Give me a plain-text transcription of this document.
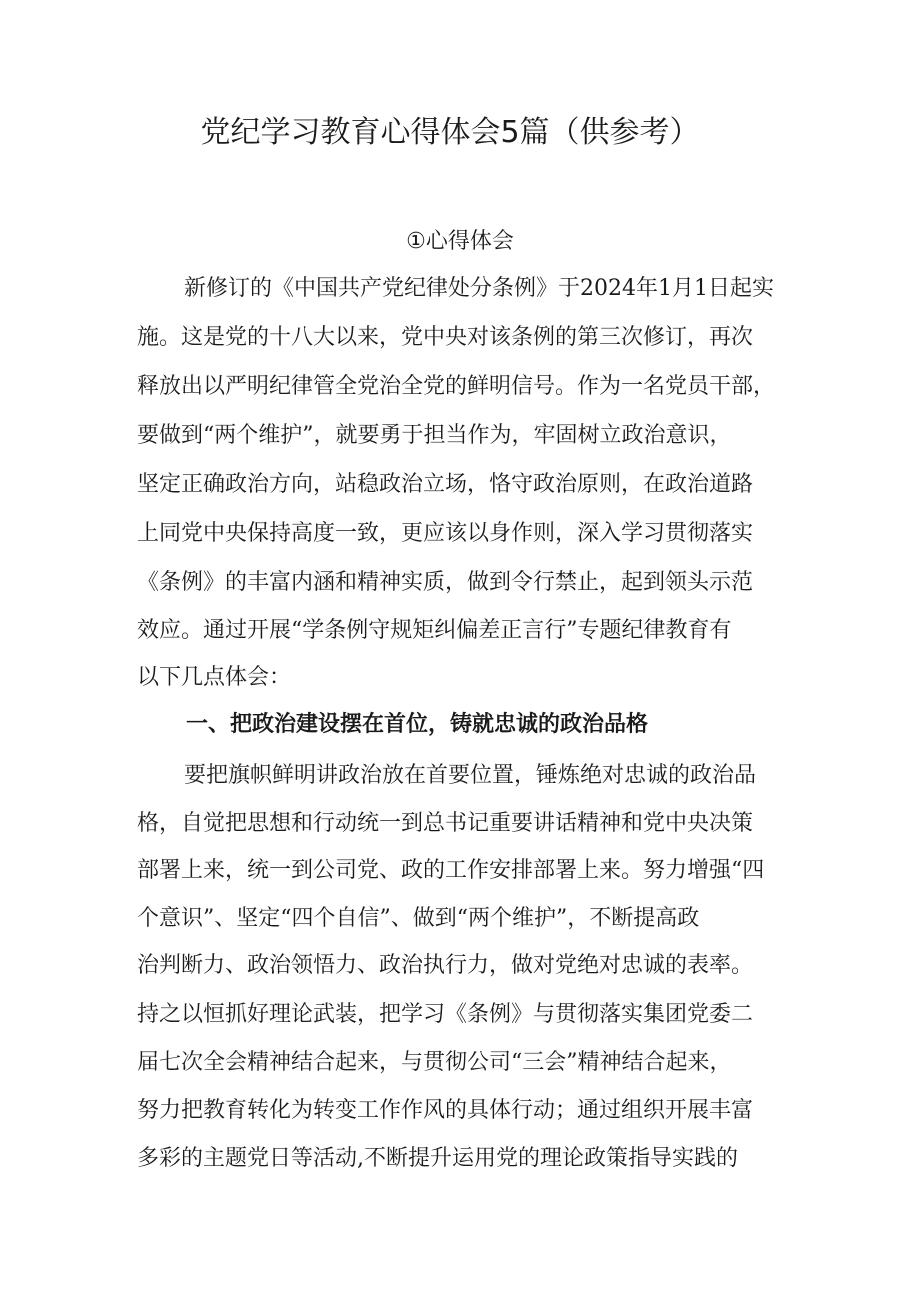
党纪学习教育心得体会5篇（供参考）
①心得体会

新修订的《中国共产党纪律处分条例》于2024年1月1日起实

施。这是党的十八大以来，党中央对该条例的第三次修订，再次

释放出以严明纪律管全党治全党的鲜明信号。作为一名党员干部，

要做到“两个维护”，就要勇于担当作为，牢固树立政治意识，

坚定正确政治方向，站稳政治立场，恪守政治原则，在政治道路

上同党中央保持高度一致，更应该以身作则，深入学习贯彻落实

《条例》的丰富内涵和精神实质，做到令行禁止，起到领头示范

效应。通过开展“学条例守规矩纠偏差正言行”专题纪律教育有

以下几点体会：

一、把政治建设摆在首位，铸就忠诚的政治品格

要把旗帜鲜明讲政治放在首要位置，锤炼绝对忠诚的政治品

格，自觉把思想和行动统一到总书记重要讲话精神和党中央决策

部署上来，统一到公司党、政的工作安排部署上来。努力增强“四

个意识”、坚定“四个自信”、做到“两个维护”，不断提高政

治判断力、政治领悟力、政治执行力，做对党绝对忠诚的表率。

持之以恒抓好理论武装，把学习《条例》与贯彻落实集团党委二

届七次全会精神结合起来，与贯彻公司“三会”精神结合起来，

努力把教育转化为转变工作作风的具体行动；通过组织开展丰富

多彩的主题党日等活动,不断提升运用党的理论政策指导实践的
